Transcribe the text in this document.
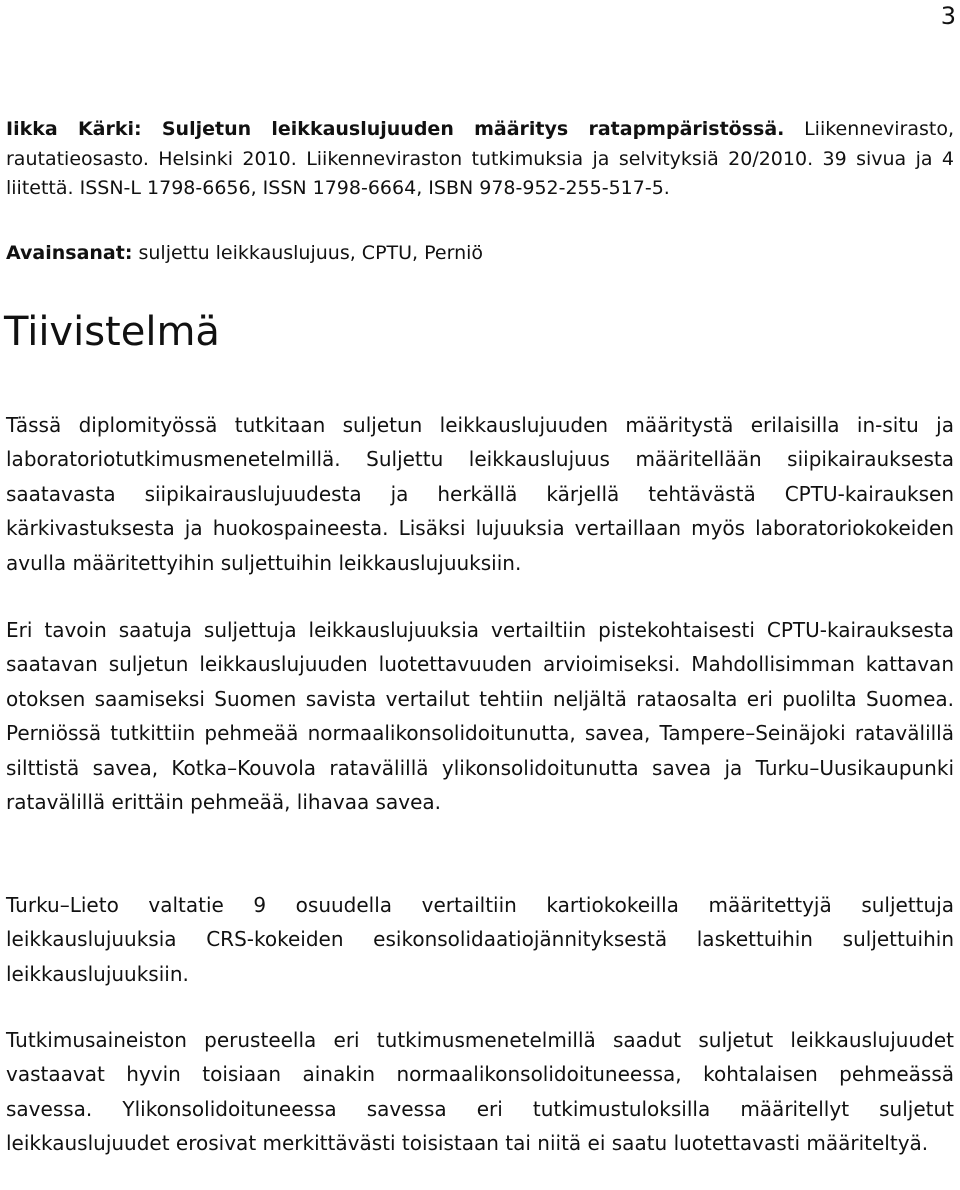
3

Iikka Kärki: Suljetun leikkauslujuuden määritys ratapmpäristössä. Liikennevirasto, rautatieosasto. Helsinki 2010. Liikenneviraston tutkimuksia ja selvityksiä 20/2010. 39 sivua ja 4 liitettä. ISSN-L 1798-6656, ISSN 1798-6664, ISBN 978-952-255-517-5.

Avainsanat: suljettu leikkauslujuus, CPTU, Perniö

Tiivistelmä

Tässä diplomityössä tutkitaan suljetun leikkauslujuuden määritystä erilaisilla in-situ ja laboratoriotutkimusmenetelmillä. Suljettu leikkauslujuus määritellään siipikairauksesta saatavasta siipikairauslujuudesta ja herkällä kärjellä tehtävästä CPTU-kairauksen kärkivastuksesta ja huokospaineesta. Lisäksi lujuuksia vertaillaan myös laboratoriokokeiden avulla määritettyihin suljettuihin leikkauslujuuksiin.

Eri tavoin saatuja suljettuja leikkauslujuuksia vertailtiin pistekohtaisesti CPTU-kairauksesta saatavan suljetun leikkauslujuuden luotettavuuden arvioimiseksi. Mahdollisimman kattavan otoksen saamiseksi Suomen savista vertailut tehtiin neljältä rataosalta eri puolilta Suomea. Perniössä tutkittiin pehmeää normaalikonsolidoitunutta, savea, Tampere–Seinäjoki ratavälillä silttistä savea, Kotka–Kouvola ratavälillä ylikonsolidoitunutta savea ja Turku–Uusikaupunki ratavälillä erittäin pehmeää, lihavaa savea.

Turku–Lieto valtatie 9 osuudella vertailtiin kartiokokeilla määritettyjä suljettuja leikkauslujuuksia CRS-kokeiden esikonsolidaatiojännityksestä laskettuihin suljettuihin leikkauslujuuksiin.

Tutkimusaineiston perusteella eri tutkimusmenetelmillä saadut suljetut leikkauslujuudet vastaavat hyvin toisiaan ainakin normaalikonsolidoituneessa, kohtalaisen pehmeässä savessa. Ylikonsolidoituneessa savessa eri tutkimustuloksilla määritellyt suljetut leikkauslujuudet erosivat merkittävästi toisistaan tai niitä ei saatu luotettavasti määriteltyä.
